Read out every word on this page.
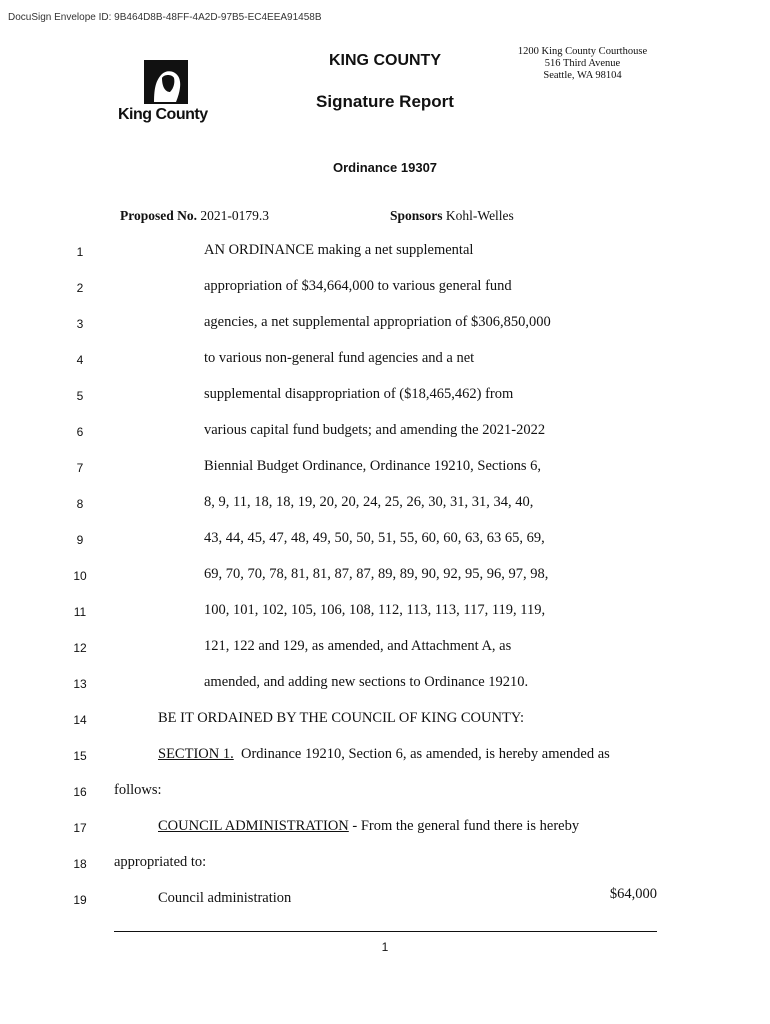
DocuSign Envelope ID: 9B464D8B-48FF-4A2D-97B5-EC4EEA91458B
King County
KING COUNTY
1200 King County Courthouse
516 Third Avenue
Seattle, WA 98104
Signature Report
Ordinance 19307
Proposed No. 2021-0179.3	Sponsors Kohl-Welles
1
2
3
4
5
6
7
8
9
10
11
12
13
14
15
16
17
18
19
AN ORDINANCE making a net supplemental
appropriation of $34,664,000 to various general fund
agencies, a net supplemental appropriation of $306,850,000
to various non-general fund agencies and a net
supplemental disappropriation of ($18,465,462) from
various capital fund budgets; and amending the 2021-2022
Biennial Budget Ordinance, Ordinance 19210, Sections 6,
8, 9, 11, 18, 18, 19, 20, 20, 24, 25, 26, 30, 31, 31, 34, 40,
43, 44, 45, 47, 48, 49, 50, 50, 51, 55, 60, 60, 63, 63 65, 69,
69, 70, 70, 78, 81, 81, 87, 87, 89, 89, 90, 92, 95, 96, 97, 98,
100, 101, 102, 105, 106, 108, 112, 113, 113, 117, 119, 119,
121, 122 and 129, as amended, and Attachment A, as
amended, and adding new sections to Ordinance 19210.
BE IT ORDAINED BY THE COUNCIL OF KING COUNTY:
SECTION 1.  Ordinance 19210, Section 6, as amended, is hereby amended as
follows:
COUNCIL ADMINISTRATION - From the general fund there is hereby
appropriated to:
Council administration	$64,000
1
